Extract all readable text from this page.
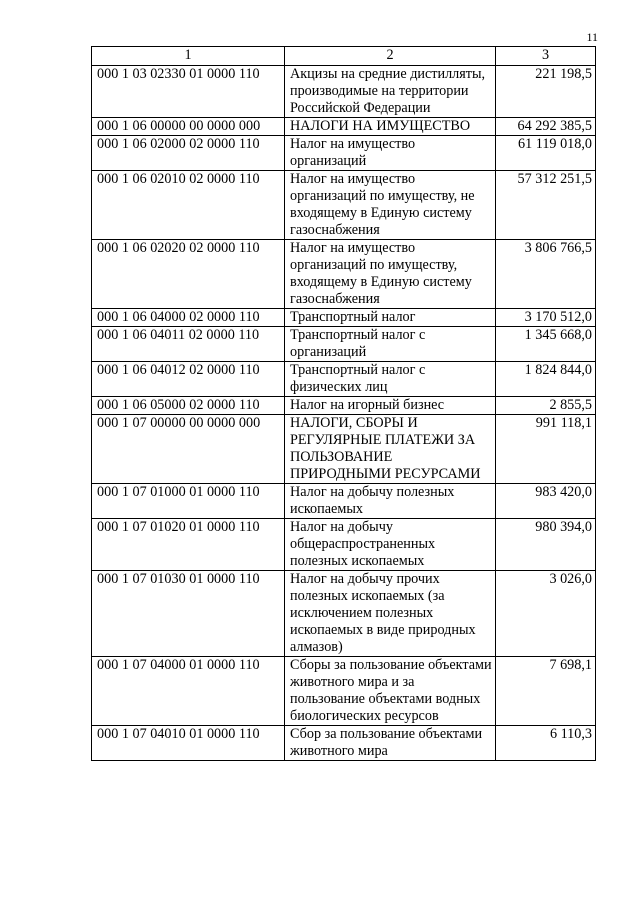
11
1	2	3
000 1 03 02330 01 0000 110	Акцизы на средние дистилляты, производимые на территории Российской Федерации	221 198,5
000 1 06 00000 00 0000 000	НАЛОГИ НА ИМУЩЕСТВО	64 292 385,5
000 1 06 02000 02 0000 110	Налог на имущество организаций	61 119 018,0
000 1 06 02010 02 0000 110	Налог на имущество организаций по имуществу, не входящему в Единую систему газоснабжения	57 312 251,5
000 1 06 02020 02 0000 110	Налог на имущество организаций по имуществу, входящему в Единую систему газоснабжения	3 806 766,5
000 1 06 04000 02 0000 110	Транспортный налог	3 170 512,0
000 1 06 04011 02 0000 110	Транспортный налог с организаций	1 345 668,0
000 1 06 04012 02 0000 110	Транспортный налог с физических лиц	1 824 844,0
000 1 06 05000 02 0000 110	Налог на игорный бизнес	2 855,5
000 1 07 00000 00 0000 000	НАЛОГИ, СБОРЫ И РЕГУЛЯРНЫЕ ПЛАТЕЖИ ЗА ПОЛЬЗОВАНИЕ ПРИРОДНЫМИ РЕСУРСАМИ	991 118,1
000 1 07 01000 01 0000 110	Налог на добычу полезных ископаемых	983 420,0
000 1 07 01020 01 0000 110	Налог на добычу общераспространенных полезных ископаемых	980 394,0
000 1 07 01030 01 0000 110	Налог на добычу прочих полезных ископаемых (за исключением полезных ископаемых в виде природных алмазов)	3 026,0
000 1 07 04000 01 0000 110	Сборы за пользование объектами животного мира и за пользование объектами водных биологических ресурсов	7 698,1
000 1 07 04010 01 0000 110	Сбор за пользование объектами животного мира	6 110,3
